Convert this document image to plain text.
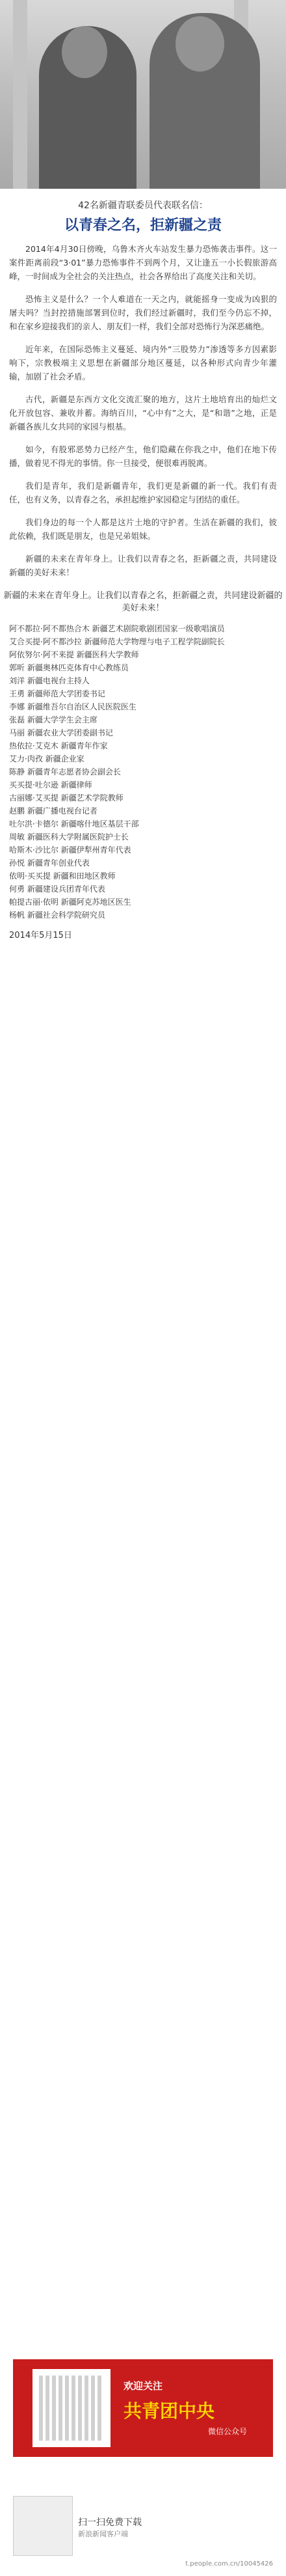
42名新疆青联委员代表联名信：
以青春之名，拒新疆之责

2014年4月30日傍晚，乌鲁木齐火车站发生暴力恐怖袭击事件。这一案件距离前段“3·01”暴力恐怖事件不到两个月，又让逢五一小长假旅游高峰，一时间成为全社会的关注热点，社会各界给出了高度关注和关切。

恐怖主义是什么？一个人难道在一天之内，就能摇身一变成为凶狠的屠夫吗？当封控措施部署到位时，我们经过新疆时，我们至今仍忘不掉，和在家乡迎接我们的亲人、朋友们一样，我们全部对恐怖行为深恶痛绝。

近年来，在国际恐怖主义蔓延、境内外“三股势力”渗透等多方因素影响下，宗教极端主义思想在新疆部分地区蔓延，以各种形式向青少年灌输，加剧了社会矛盾。

古代，新疆是东西方文化交流汇聚的地方，这片土地培育出的灿烂文化开放包容、兼收并蓄。海纳百川，“心中有”之大，是“和谐”之地，正是新疆各族儿女共同的家园与根基。

如今，有股邪恶势力已经产生，他们隐藏在你我之中，他们在地下传播，做着见不得光的事情。你一旦接受，便很难再脱离。

我们是青年，我们是新疆青年，我们更是新疆的新一代。我们有责任，也有义务，以青春之名，承担起维护家园稳定与团结的重任。

我们身边的每一个人都是这片土地的守护者。生活在新疆的我们，彼此依赖，我们既是朋友，也是兄弟姐妹。

新疆的未来在青年身上。让我们以青春之名，拒新疆之责，共同建设新疆的美好未来！

新疆的未来在青年身上。让我们以青春之名，拒新疆之责，共同建设新疆的美好未来！
阿不都拉·阿不都热合木 新疆艺术剧院歌剧团国家一级歌唱演员
艾合买提·阿不都沙拉 新疆师范大学物理与电子工程学院副院长
阿依努尔·阿不来提 新疆医科大学教师
郭昕 新疆奥林匹克体育中心教练员
刘洋 新疆电视台主持人
王勇 新疆师范大学团委书记
李娜 新疆维吾尔自治区人民医院医生
张磊 新疆大学学生会主席
马丽 新疆农业大学团委副书记
热依拉·艾克木 新疆青年作家
艾力·肉孜 新疆企业家
陈静 新疆青年志愿者协会副会长
买买提·吐尔逊 新疆律师
古丽娜·艾买提 新疆艺术学院教师
赵鹏 新疆广播电视台记者
吐尔洪·卡德尔 新疆喀什地区基层干部
周敏 新疆医科大学附属医院护士长
哈斯木·沙比尔 新疆伊犁州青年代表
孙悦 新疆青年创业代表
依明·买买提 新疆和田地区教师
何勇 新疆建设兵团青年代表
帕提古丽·依明 新疆阿克苏地区医生
杨帆 新疆社会科学院研究员
2014年5月15日
欢迎关注
共青团中央
微信公众号
扫一扫免费下载
新浪新闻客户端
t.people.com.cn/10045426
